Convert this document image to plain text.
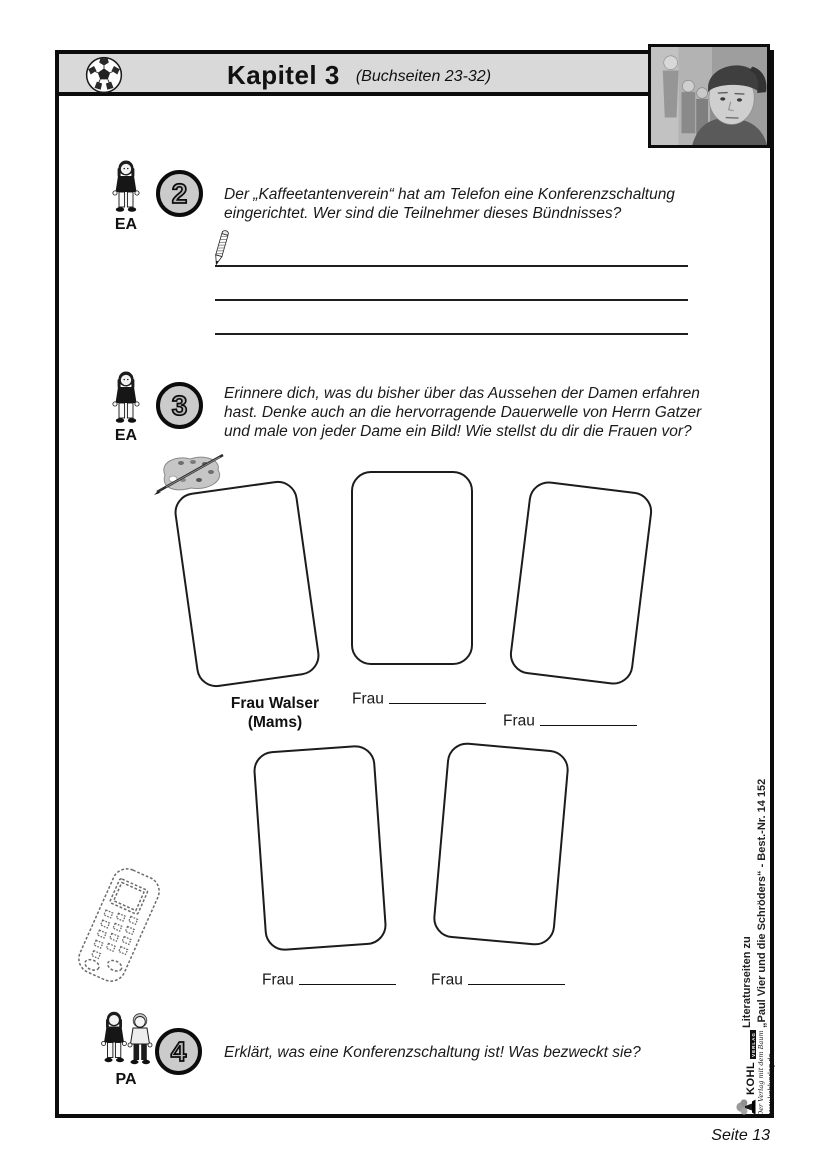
Kapitel 3 (Buchseiten 23-32)
EA
2	Der „Kaffeetantenverein“ hat am Telefon eine Konferenzschaltung eingerichtet. Wer sind die Teilnehmer dieses Bündnisses?

EA
3	Erinnere dich, was du bisher über das Aussehen der Damen erfahren hast. Denke auch an die hervorragende Dauerwelle von Herrn Gatzer und male von jeder Dame ein Bild! Wie stellst du dir die Frauen vor?

Frau Walser
(Mams)
Frau
Frau
Frau	Frau
PA
4	Erklärt, was eine Konferenzschaltung ist! Was bezweckt sie?

Literaturseiten zu „Paul Vier und die Schröders“ - Best.-Nr. 14 152
KOHL
VERLAG Der Verlag mit dem Baum www.kohlverlag.de
Seite 13
